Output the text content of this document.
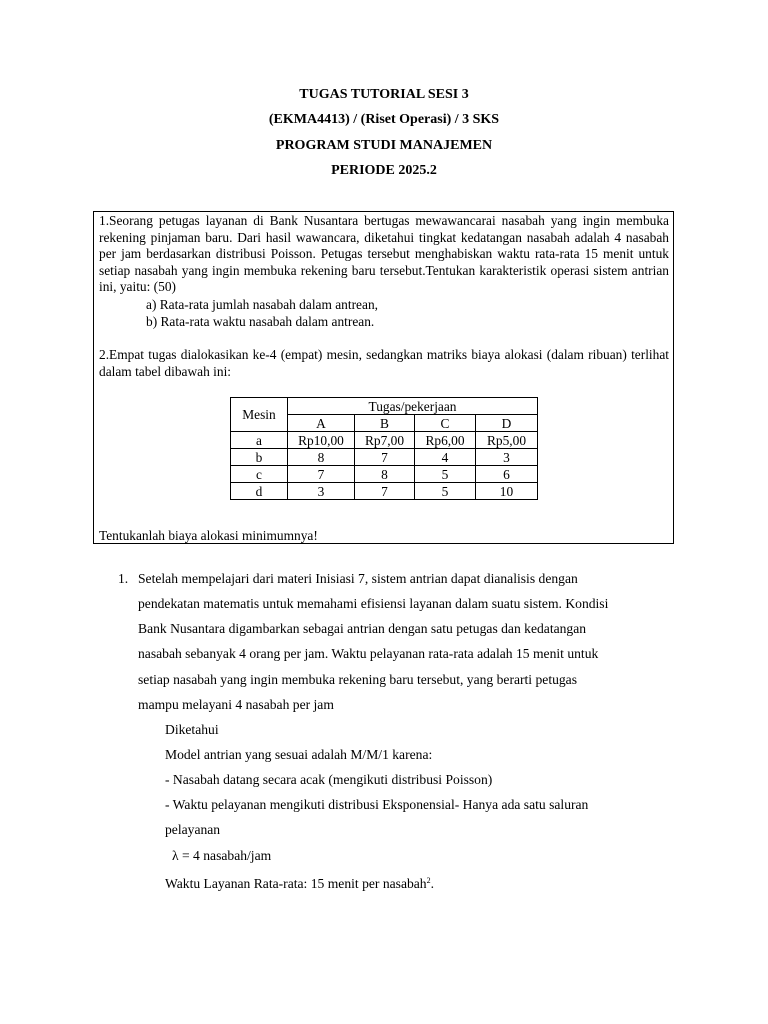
TUGAS TUTORIAL SESI 3
(EKMA4413) / (Riset Operasi) / 3 SKS
PROGRAM STUDI MANAJEMEN
PERIODE 2025.2

1.Seorang petugas layanan di Bank Nusantara bertugas mewawancarai nasabah yang ingin membuka rekening pinjaman baru. Dari hasil wawancara, diketahui tingkat kedatangan nasabah adalah 4 nasabah per jam berdasarkan distribusi Poisson. Petugas tersebut menghabiskan waktu rata-rata 15 menit untuk setiap nasabah yang ingin membuka rekening baru tersebut.Tentukan karakteristik operasi sistem antrian ini, yaitu: (50)

a) Rata-rata jumlah nasabah dalam antrean,
b) Rata-rata waktu nasabah dalam antrean.

2.Empat tugas dialokasikan ke-4 (empat) mesin, sedangkan matriks biaya alokasi (dalam ribuan) terlihat dalam tabel dibawah ini:

Mesin	Tugas/pekerjaan			
	A	B	C	D
a	Rp10,00	Rp7,00	Rp6,00	Rp5,00
b	8	7	4	3
c	7	8	5	6
d	3	7	5	10
Tentukanlah biaya alokasi minimumnya!
1. Setelah mempelajari dari materi Inisiasi 7, sistem antrian dapat dianalisis dengan
pendekatan matematis untuk memahami efisiensi layanan dalam suatu sistem. Kondisi
Bank Nusantara digambarkan sebagai antrian dengan satu petugas dan kedatangan
nasabah sebanyak 4 orang per jam. Waktu pelayanan rata-rata adalah 15 menit untuk
setiap nasabah yang ingin membuka rekening baru tersebut, yang berarti petugas
mampu melayani 4 nasabah per jam
Diketahui
Model antrian yang sesuai adalah M/M/1 karena:
- Nasabah datang secara acak (mengikuti distribusi Poisson)
- Waktu pelayanan mengikuti distribusi Eksponensial- Hanya ada satu saluran
pelayanan
λ = 4 nasabah/jam
Waktu Layanan Rata-rata: 15 menit per nasabah$^2$.
